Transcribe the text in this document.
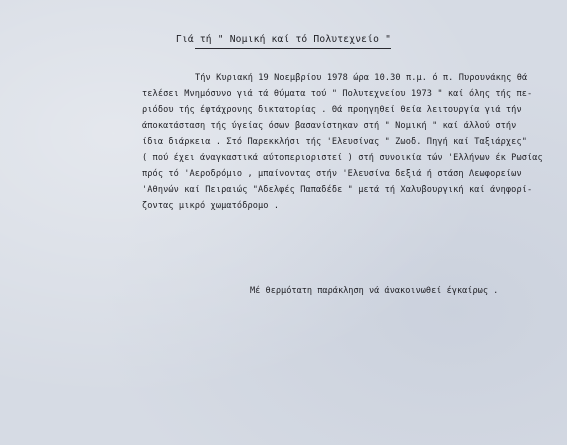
Γιά τή " Νομική καί τό Πολυτεχνείο "
Τήν Κυριακή 19 Νοεμβρίου 1978 ώρα 10.30 π.μ. ό π. Πυρουνάκης θά
τελέσει Μνημόσυνο γιά τά θύματα τού " Πολυτεχνείου 1973 " καί όλης τής πε-
ριόδου τής έφτάχρονης δικτατορίας . Θά προηγηθεί θεία λειτουργία γιά τήν
άποκατάσταση τής ύγείας όσων βασανίστηκαν στή " Νομική " καί άλλού στήν
ίδια διάρκεια . Στό Παρεκκλήσι τής 'Ελευσίνας " Ζωοδ. Πηγή καί Ταξιάρχες"
( πού έχει άναγκαστικά αύτοπεριοριστεί ) στή συνοικία τών 'Ελλήνων έκ Ρωσίας
πρός τό 'Αεροδρόμιο , μπαίνοντας στήν 'Ελευσίνα δεξιά ή στάση Λεωφορείων
'Αθηνών καί Πειραιώς "Αδελφές Παπαδέδε " μετά τή Χαλυβουργική καί άνηφορί-
ζοντας μικρό χωματόδρομο .
Μέ θερμότατη παράκληση νά άνακοινωθεί έγκαίρως .
